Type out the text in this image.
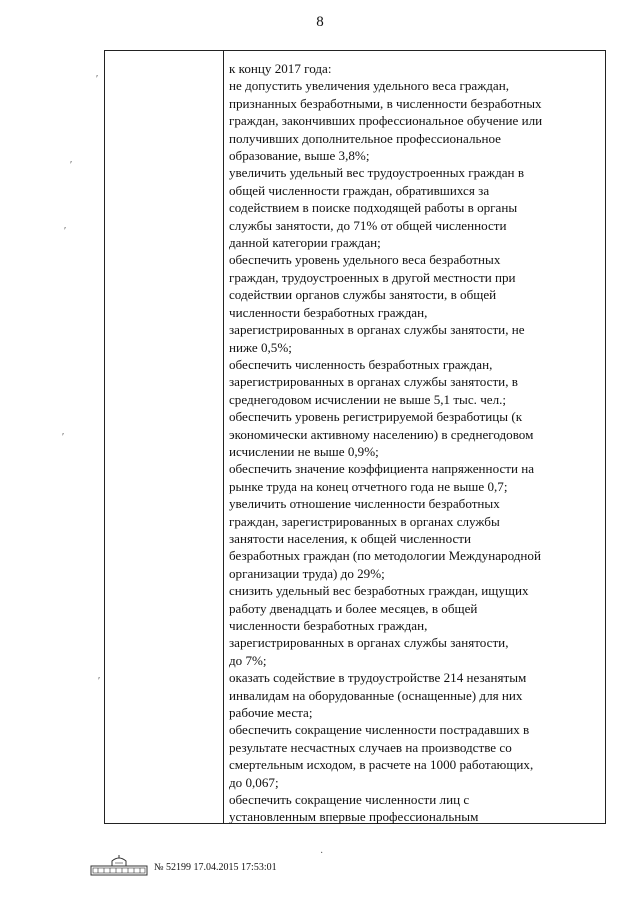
8
′
′
′
′
′
·
к концу 2017 года:
не допустить увеличения удельного веса граждан,
признанных безработными, в численности безработных
граждан, закончивших профессиональное обучение или
получивших дополнительное профессиональное
образование, выше 3,8%;
увеличить удельный вес трудоустроенных граждан в
общей численности граждан, обратившихся за
содействием в поиске подходящей работы в органы
службы занятости, до 71% от общей численности
данной категории граждан;
обеспечить уровень удельного веса безработных
граждан, трудоустроенных в другой местности при
содействии органов службы занятости, в общей
численности безработных граждан,
зарегистрированных в органах службы занятости, не
ниже 0,5%;
обеспечить численность безработных граждан,
зарегистрированных в органах службы занятости, в
среднегодовом исчислении не выше 5,1 тыс. чел.;
обеспечить уровень регистрируемой безработицы (к
экономически активному населению) в среднегодовом
исчислении не выше 0,9%;
обеспечить значение коэффициента напряженности на
рынке труда на конец отчетного года не выше 0,7;
увеличить отношение численности безработных
граждан, зарегистрированных в органах службы
занятости населения, к общей численности
безработных граждан (по методологии Международной
организации труда) до 29%;
снизить удельный вес безработных граждан, ищущих
работу двенадцать и более месяцев, в общей
численности безработных граждан,
зарегистрированных в органах службы занятости,
до 7%;
оказать содействие в трудоустройстве 214 незанятым
инвалидам на оборудованные (оснащенные) для них
рабочие места;
обеспечить сокращение численности пострадавших в
результате несчастных случаев на производстве со
смертельным исходом, в расчете на 1000 работающих,
до 0,067;
обеспечить сокращение численности лиц с
установленным впервые профессиональным
№ 52199 17.04.2015 17:53:01
